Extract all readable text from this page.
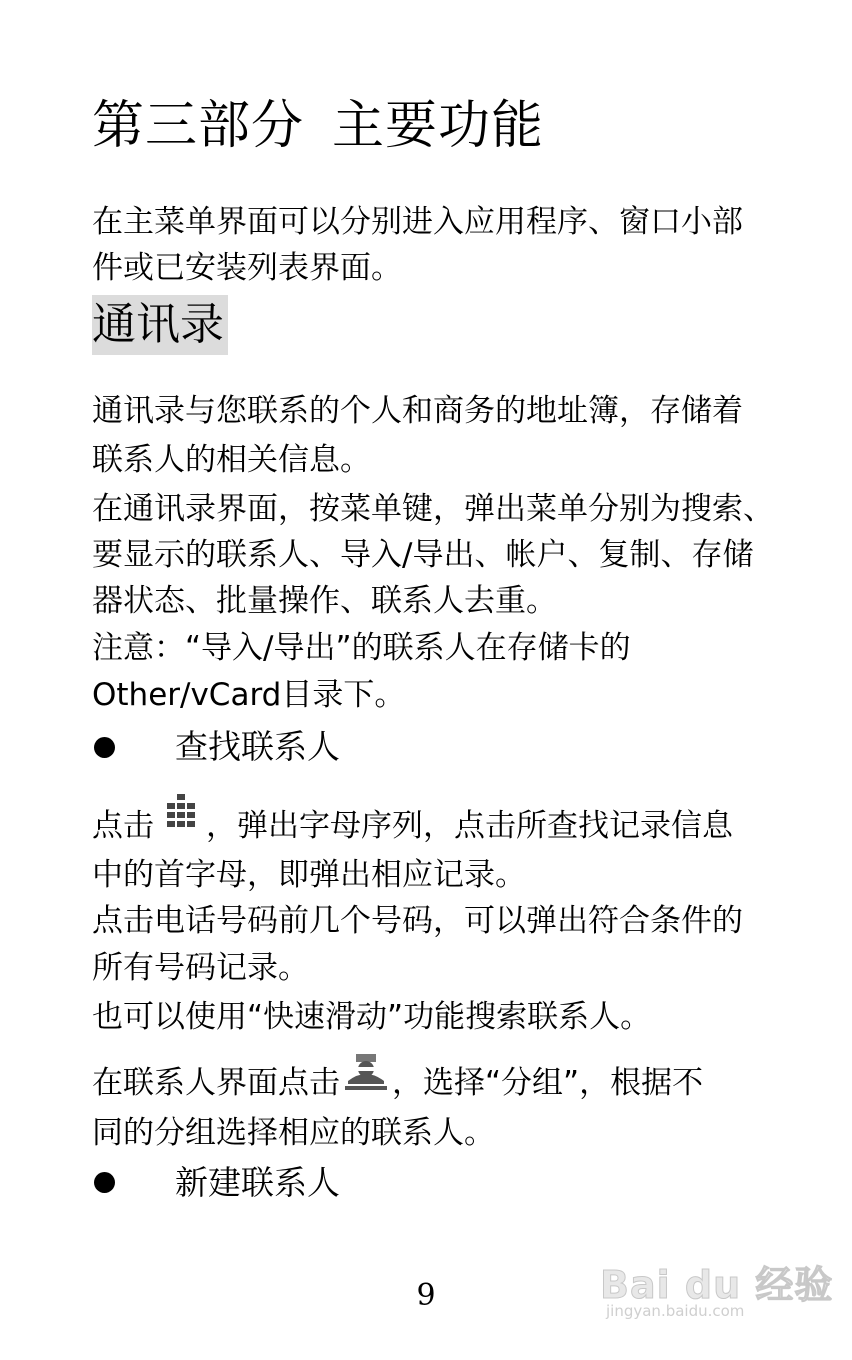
第三部分 主要功能
在主菜单界面可以分别进入应用程序、窗口小部
件或已安装列表界面。
通讯录
通讯录与您联系的个人和商务的地址簿，存储着
联系人的相关信息。
在通讯录界面，按菜单键，弹出菜单分别为搜索、
要显示的联系人、导入/导出、帐户、复制、存储
器状态、批量操作、联系人去重。
注意：“导入/导出”的联系人在存储卡的
Other/vCard目录下。
查找联系人
点击 ，弹出字母序列，点击所查找记录信息
中的首字母，即弹出相应记录。
点击电话号码前几个号码，可以弹出符合条件的
所有号码记录。
也可以使用“快速滑动”功能搜索联系人。
在联系人界面点击 ，选择“分组”，根据不
同的分组选择相应的联系人。
新建联系人
9	Bai du 经验
jingyan.baidu.com
